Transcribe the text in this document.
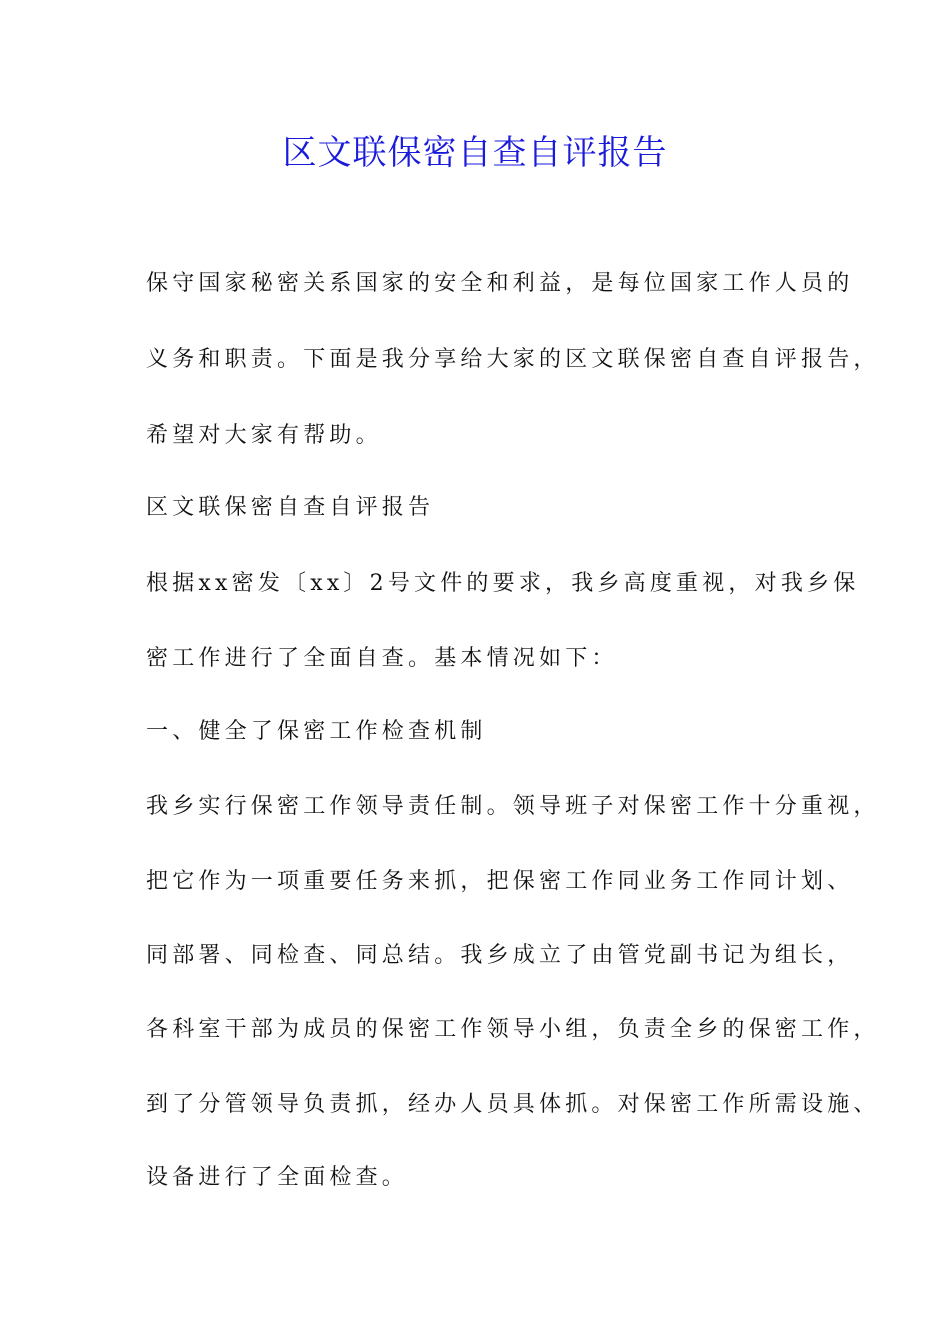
区文联保密自查自评报告

保守国家秘密关系国家的安全和利益，是每位国家工作人员的

义务和职责。下面是我分享给大家的区文联保密自查自评报告，

希望对大家有帮助。

区文联保密自查自评报告

根据xx密发〔xx〕2号文件的要求，我乡高度重视，对我乡保

密工作进行了全面自查。基本情况如下：

一、健全了保密工作检查机制

我乡实行保密工作领导责任制。领导班子对保密工作十分重视，

把它作为一项重要任务来抓，把保密工作同业务工作同计划、

同部署、同检查、同总结。我乡成立了由管党副书记为组长，

各科室干部为成员的保密工作领导小组，负责全乡的保密工作，

到了分管领导负责抓，经办人员具体抓。对保密工作所需设施、

设备进行了全面检查。
